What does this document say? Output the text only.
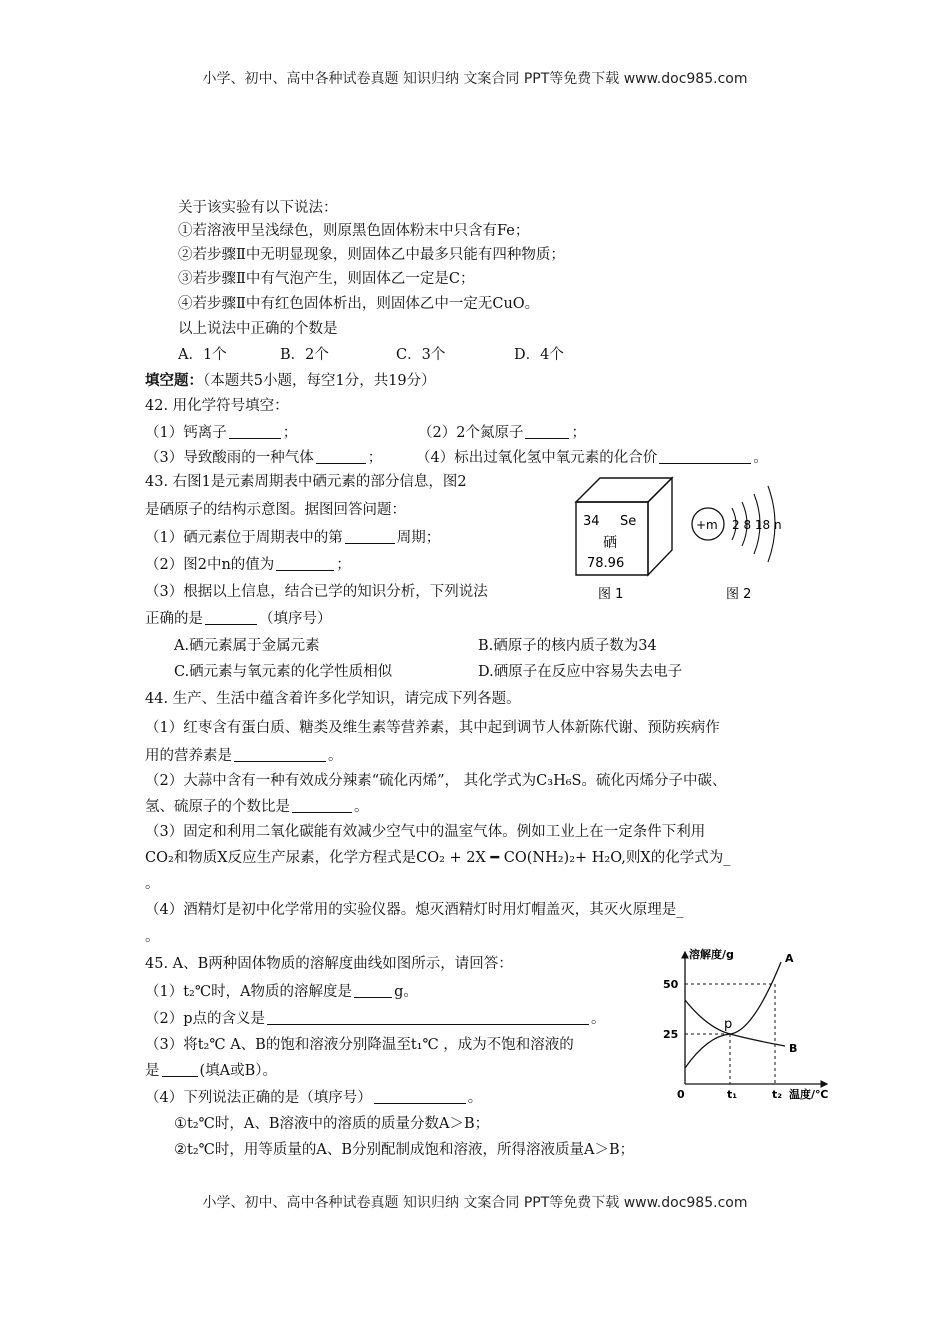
小学、初中、高中各种试卷真题 知识归纳 文案合同 PPT等免费下载 www.doc985.com
关于该实验有以下说法：
①若溶液甲呈浅绿色，则原黑色固体粉末中只含有Fe；
②若步骤Ⅱ中无明显现象，则固体乙中最多只能有四种物质；
③若步骤Ⅱ中有气泡产生，则固体乙一定是C；
④若步骤Ⅱ中有红色固体析出，则固体乙中一定无CuO。
以上说法中正确的个数是
A．1个	B．2个	C．3个	D．4个
填空题：（本题共5小题，每空1分，共19分）
42. 用化学符号填空：
（1）钙离子	；	（2）2个氮原子	；
（3）导致酸雨的一种气体	； （4）标出过氧化氢中氧元素的化合价	。
43. 右图1是元素周期表中硒元素的部分信息，图2
是硒原子的结构示意图。据图回答问题：
（1）硒元素位于周期表中的第	周期；
（2）图2中n的值为	；
（3）根据以上信息，结合已学的知识分析，下列说法
正确的是	（填序号）
A.硒元素属于金属元素	B.硒原子的核内质子数为34
C.硒元素与氧元素的化学性质相似	D.硒原子在反应中容易失去电子
34 Se
硒
78.96
图 1
+m 2 8 18 n
图 2
44. 生产、生活中蕴含着许多化学知识，请完成下列各题。
（1）红枣含有蛋白质、糖类及维生素等营养素，其中起到调节人体新陈代谢、预防疾病作
用的营养素是	。
（2）大蒜中含有一种有效成分辣素“硫化丙烯”， 其化学式为C₃H₆S。硫化丙烯分子中碳、
氢、硫原子的个数比是	。
（3）固定和利用二氧化碳能有效减少空气中的温室气体。例如工业上在一定条件下利用
CO₂和物质X反应生产尿素，化学方程式是CO₂ + 2X ━ CO(NH₂)₂+ H₂O,则X的化学式为_
。
（4）酒精灯是初中化学常用的实验仪器。熄灭酒精灯时用灯帽盖灭，其灭火原理是_
。
45. A、B两种固体物质的溶解度曲线如图所示，请回答：
（1）t₂℃时，A物质的溶解度是	g。
（2）p点的含义是	。
（3）将t₂℃ A、B的饱和溶液分别降温至t₁℃ ，成为不饱和溶液的
是	(填A或B）。
（4）下列说法正确的是（填序号）	。
①t₂℃时，A、B溶液中的溶质的质量分数A＞B；
②t₂℃时，用等质量的A、B分别配制成饱和溶液，所得溶液质量A＞B；
溶解度/g
温度/℃
A
B
25
50
0	t₁	t₂
p
小学、初中、高中各种试卷真题 知识归纳 文案合同 PPT等免费下载 www.doc985.com
